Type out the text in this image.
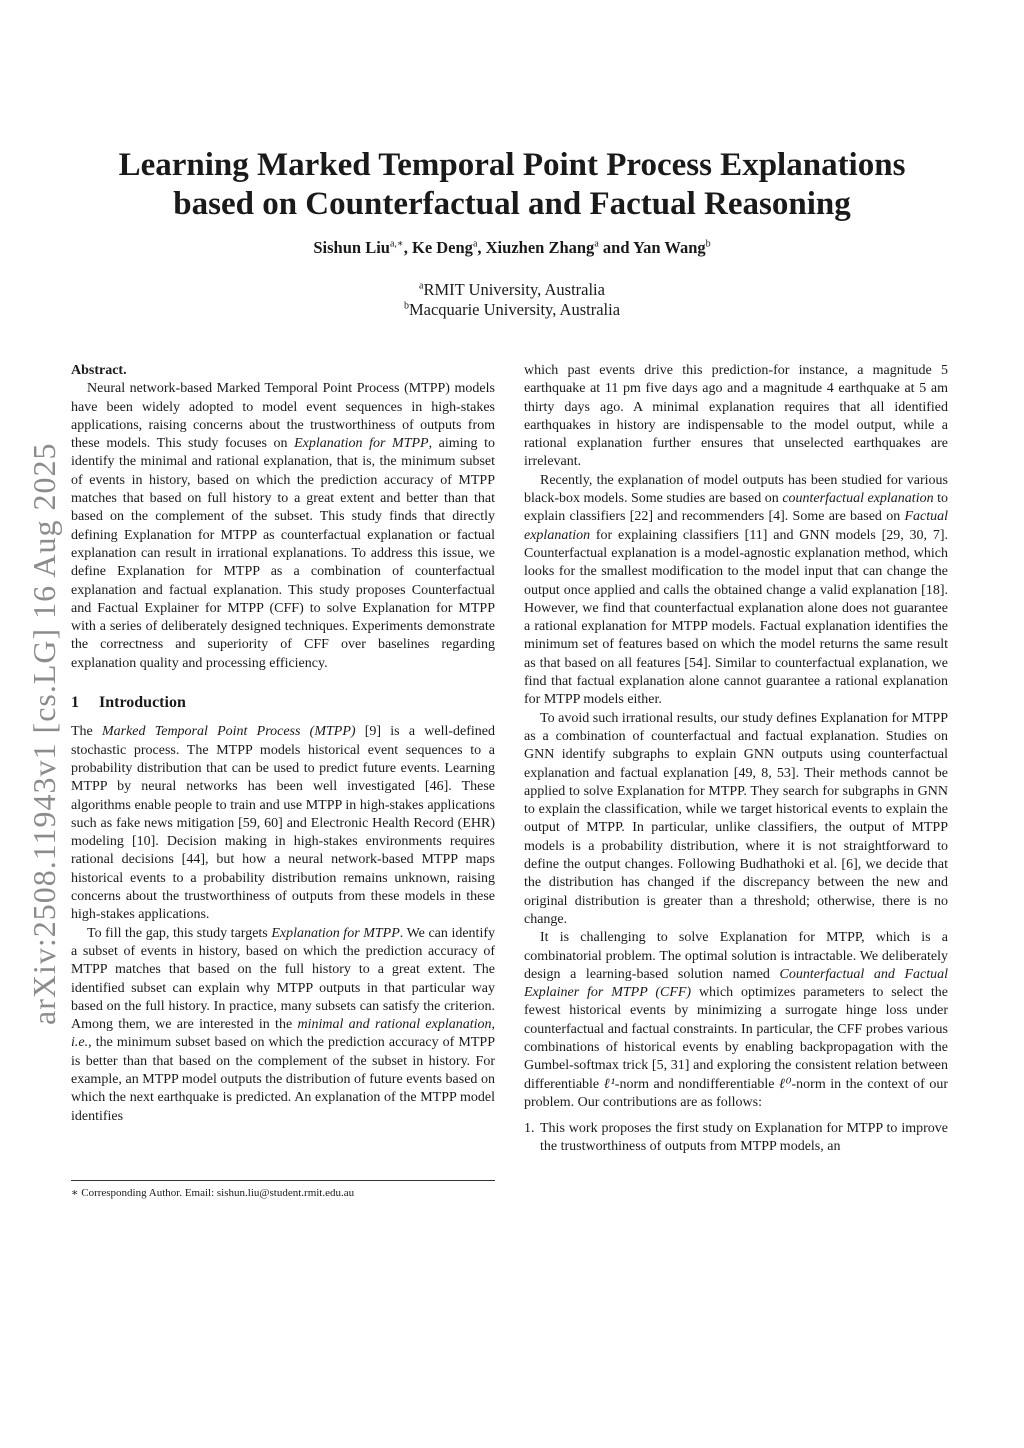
arXiv:2508.11943v1 [cs.LG] 16 Aug 2025
Learning Marked Temporal Point Process Explanations
based on Counterfactual and Factual Reasoning
Sishun Liu$^{a,∗}$, Ke Deng$^a$, Xiuzhen Zhang$^a$ and Yan Wang$^b$
$^a$RMIT University, Australia
$^b$Macquarie University, Australia

Abstract.

Neural network-based Marked Temporal Point Process (MTPP) models have been widely adopted to model event sequences in high-stakes applications, raising concerns about the trustworthiness of outputs from these models. This study focuses on Explanation for MTPP, aiming to identify the minimal and rational explanation, that is, the minimum subset of events in history, based on which the prediction accuracy of MTPP matches that based on full history to a great extent and better than that based on the complement of the subset. This study finds that directly defining Explanation for MTPP as counterfactual explanation or factual explanation can result in irrational explanations. To address this issue, we define Explanation for MTPP as a combination of counterfactual explanation and factual explanation. This study proposes Counterfactual and Factual Explainer for MTPP (CFF) to solve Explanation for MTPP with a series of deliberately designed techniques. Experiments demonstrate the correctness and superiority of CFF over baselines regarding explanation quality and processing efficiency.

1 Introduction

The Marked Temporal Point Process (MTPP) [9] is a well-defined stochastic process. The MTPP models historical event sequences to a probability distribution that can be used to predict future events. Learning MTPP by neural networks has been well investigated [46]. These algorithms enable people to train and use MTPP in high-stakes applications such as fake news mitigation [59, 60] and Electronic Health Record (EHR) modeling [10]. Decision making in high-stakes environments requires rational decisions [44], but how a neural network-based MTPP maps historical events to a probability distribution remains unknown, raising concerns about the trustworthiness of outputs from these models in these high-stakes applications.

To fill the gap, this study targets Explanation for MTPP. We can identify a subset of events in history, based on which the prediction accuracy of MTPP matches that based on the full history to a great extent. The identified subset can explain why MTPP outputs in that particular way based on the full history. In practice, many subsets can satisfy the criterion. Among them, we are interested in the minimal and rational explanation, i.e., the minimum subset based on which the prediction accuracy of MTPP is better than that based on the complement of the subset in history. For example, an MTPP model outputs the distribution of future events based on which the next earthquake is predicted. An explanation of the MTPP model identifies

∗ Corresponding Author. Email: sishun.liu@student.rmit.edu.au

which past events drive this prediction-for instance, a magnitude 5 earthquake at 11 pm five days ago and a magnitude 4 earthquake at 5 am thirty days ago. A minimal explanation requires that all identified earthquakes in history are indispensable to the model output, while a rational explanation further ensures that unselected earthquakes are irrelevant.

Recently, the explanation of model outputs has been studied for various black-box models. Some studies are based on counterfactual explanation to explain classifiers [22] and recommenders [4]. Some are based on Factual explanation for explaining classifiers [11] and GNN models [29, 30, 7]. Counterfactual explanation is a model-agnostic explanation method, which looks for the smallest modification to the model input that can change the output once applied and calls the obtained change a valid explanation [18]. However, we find that counterfactual explanation alone does not guarantee a rational explanation for MTPP models. Factual explanation identifies the minimum set of features based on which the model returns the same result as that based on all features [54]. Similar to counterfactual explanation, we find that factual explanation alone cannot guarantee a rational explanation for MTPP models either.

To avoid such irrational results, our study defines Explanation for MTPP as a combination of counterfactual and factual explanation. Studies on GNN identify subgraphs to explain GNN outputs using counterfactual explanation and factual explanation [49, 8, 53]. Their methods cannot be applied to solve Explanation for MTPP. They search for subgraphs in GNN to explain the classification, while we target historical events to explain the output of MTPP. In particular, unlike classifiers, the output of MTPP models is a probability distribution, where it is not straightforward to define the output changes. Following Budhathoki et al. [6], we decide that the distribution has changed if the discrepancy between the new and original distribution is greater than a threshold; otherwise, there is no change.

It is challenging to solve Explanation for MTPP, which is a combinatorial problem. The optimal solution is intractable. We deliberately design a learning-based solution named Counterfactual and Factual Explainer for MTPP (CFF) which optimizes parameters to select the fewest historical events by minimizing a surrogate hinge loss under counterfactual and factual constraints. In particular, the CFF probes various combinations of historical events by enabling backpropagation with the Gumbel-softmax trick [5, 31] and exploring the consistent relation between differentiable ℓ¹-norm and nondifferentiable ℓ⁰-norm in the context of our problem. Our contributions are as follows:

1. This work proposes the first study on Explanation for MTPP to improve the trustworthiness of outputs from MTPP models, an
